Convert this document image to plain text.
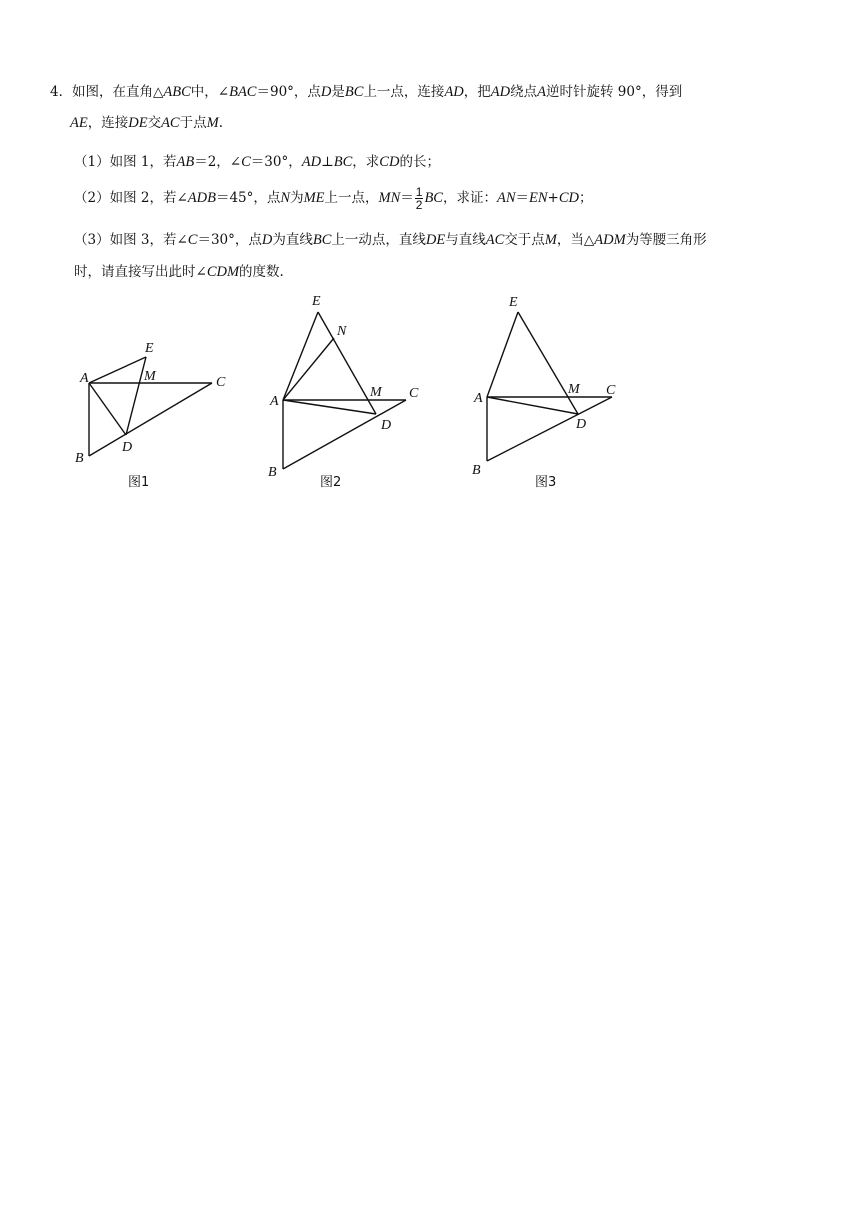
4． 如图，在直角△ABC中，∠BAC＝90°，点D是BC上一点，连接AD，把AD绕点A逆时针旋转 90°，得到
AE，连接DE交AC于点M.
（1）如图 1，若AB＝2，∠C＝30°，AD⊥BC，求CD的长；
（2）如图 2，若∠ADB＝45°，点N为ME上一点，$MN= \frac{1}{2}$ BC，求证：AN＝EN+CD；
（3）如图 3，若∠C＝30°，点D为直线BC上一动点，直线DE与直线AC交于点M，当△ADM为等腰三角形
时，请直接写出此时∠CDM的度数.
A
B
C
D
E
M
图1
A
B
C
D
E
M
N
图2
A
B
C
D
E
M
图3
